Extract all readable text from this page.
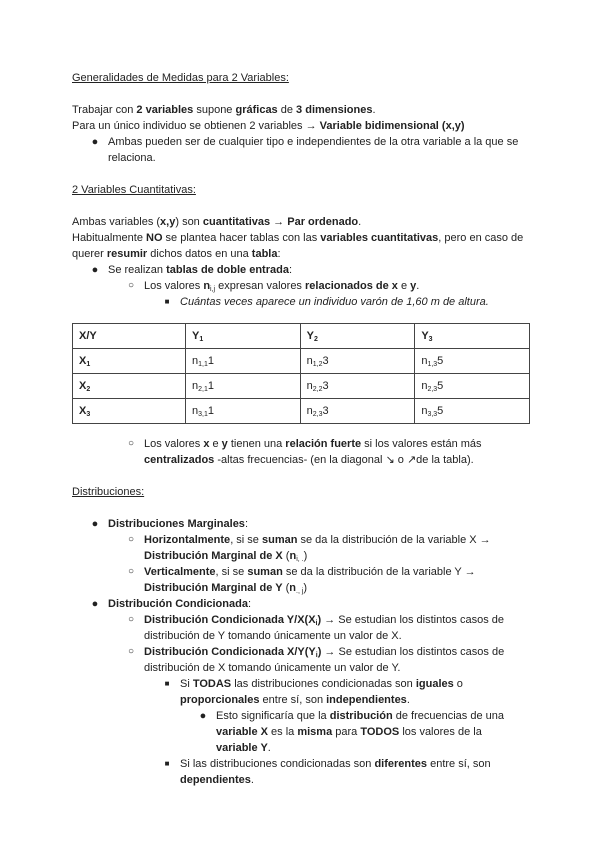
Generalidades de Medidas para 2 Variables:
Trabajar con 2 variables supone gráficas de 3 dimensiones.
Para un único individuo se obtienen 2 variables → Variable bidimensional (x,y)
● Ambas pueden ser de cualquier tipo e independientes de la otra variable a la que se
relaciona.
2 Variables Cuantitativas:
Ambas variables (x,y) son cuantitativas → Par ordenado.
Habitualmente NO se plantea hacer tablas con las variables cuantitativas, pero en caso de
querer resumir dichos datos en una tabla:
● Se realizan tablas de doble entrada:
○ Los valores $n_{i,j}$ expresan valores relacionados de x e y.
■ Cuántas veces aparece un individuo varón de 1,60 m de altura.
X/Y	$Y_1$	$Y_2$	$Y_3$
$X_1$	$n_{1,1}1$	$n_{1,2}3$	$n_{1,3}5$
$X_2$	$n_{2,1}1$	$n_{2,2}3$	$n_{2,3}5$
$X_3$	$n_{3,1}1$	$n_{2,3}3$	$n_{3,3}5$
○ Los valores x e y tienen una relación fuerte si los valores están más
centralizados -altas frecuencias- (en la diagonal ↘ o ↗de la tabla).
Distribuciones:
● Distribuciones Marginales:
○ Horizontalmente, si se suman se da la distribución de la variable X →
Distribución Marginal de X $(n_{i, .})$
○ Verticalmente, si se suman se da la distribución de la variable Y →
Distribución Marginal de Y $(n_{., j})$
● Distribución Condicionada:
○ Distribución Condicionada $Y/X(X_i) \to Se$ estudian los distintos casos de
distribución de Y tomando únicamente un valor de X.
○ Distribución Condicionada $X/Y(Y_i) \to Se$ estudian los distintos casos de
distribución de X tomando únicamente un valor de Y.
■ Si TODAS las distribuciones condicionadas son iguales o
proporcionales entre sí, son independientes.
● Esto significaría que la distribución de frecuencias de una
variable X es la misma para TODOS los valores de la
variable Y.
■ Si las distribuciones condicionadas son diferentes entre sí, son
dependientes.
